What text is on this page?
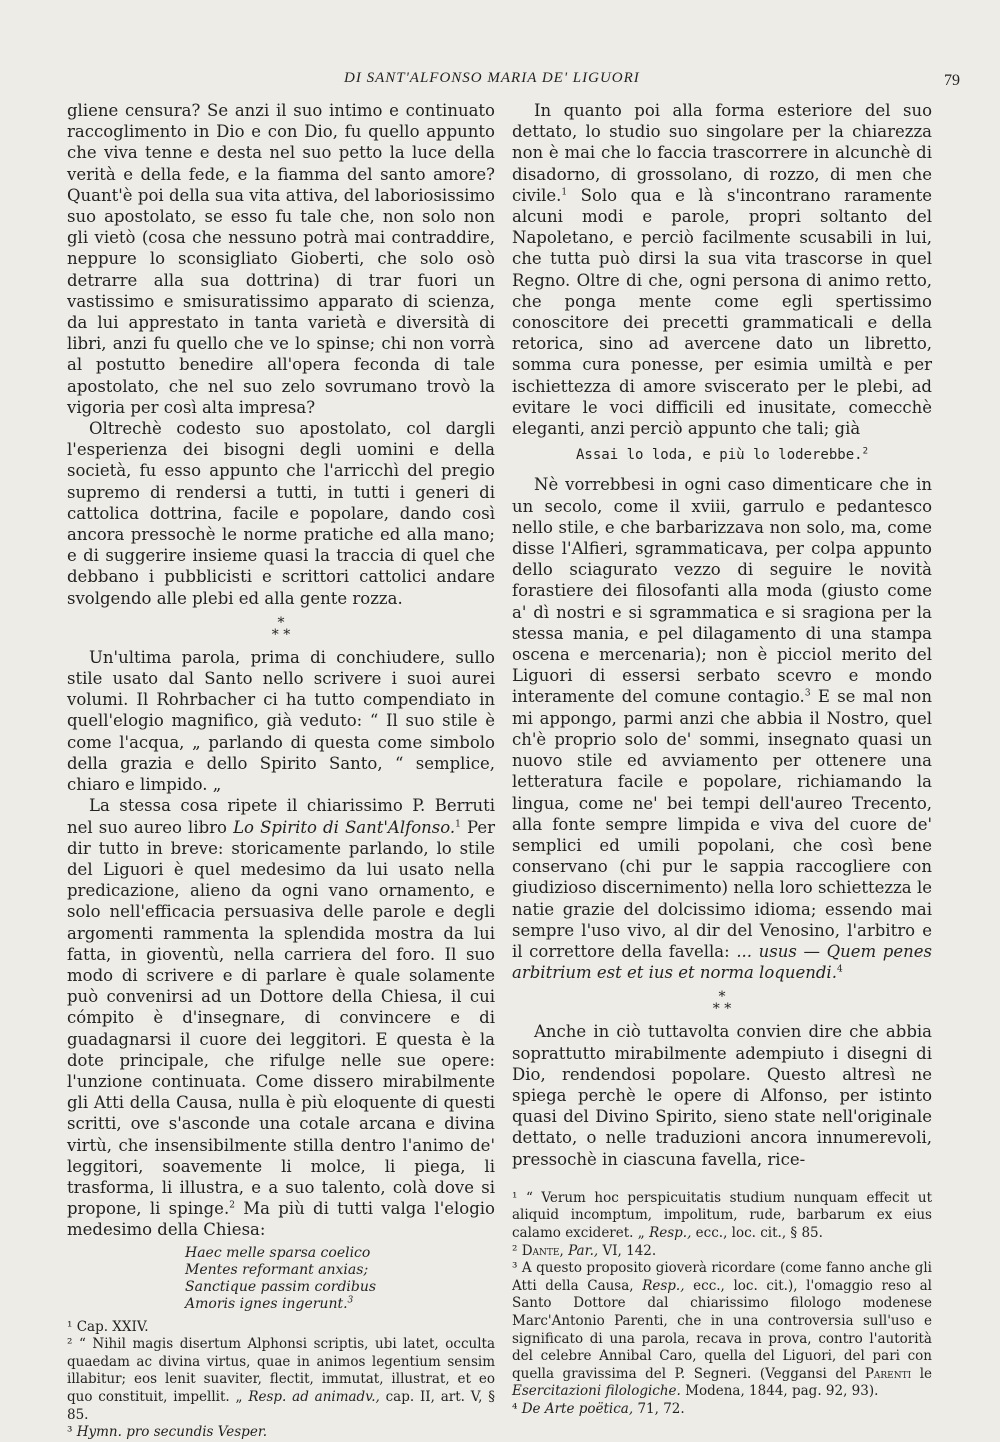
DI SANT'ALFONSO MARIA DE' LIGUORI	79

gliene censura? Se anzi il suo intimo e continuato raccoglimento in Dio e con Dio, fu quello appunto che viva tenne e desta nel suo petto la luce della verità e della fede, e la fiamma del santo amore? Quant'è poi della sua vita attiva, del laboriosissimo suo apostolato, se esso fu tale che, non solo non gli vietò (cosa che nessuno potrà mai contraddire, neppure lo sconsigliato Gioberti, che solo osò detrarre alla sua dottrina) di trar fuori un vastissimo e smisuratissimo apparato di scienza, da lui apprestato in tanta varietà e diversità di libri, anzi fu quello che ve lo spinse; chi non vorrà al postutto benedire all'opera feconda di tale apostolato, che nel suo zelo sovrumano trovò la vigoria per così alta impresa?

Oltrechè codesto suo apostolato, col dargli l'esperienza dei bisogni degli uomini e della società, fu esso appunto che l'arricchì del pregio supremo di rendersi a tutti, in tutti i generi di cattolica dottrina, facile e popolare, dando così ancora pressochè le norme pratiche ed alla mano; e di suggerire insieme quasi la traccia di quel che debbano i pubblicisti e scrittori cattolici andare svolgendo alle plebi ed alla gente rozza.

*
* *

Un'ultima parola, prima di conchiudere, sullo stile usato dal Santo nello scrivere i suoi aurei volumi. Il Rohrbacher ci ha tutto compendiato in quell'elogio magnifico, già veduto: “ Il suo stile è come l'acqua, „ parlando di questa come simbolo della grazia e dello Spirito Santo, “ semplice, chiaro e limpido. „

La stessa cosa ripete il chiarissimo P. Berruti nel suo aureo libro Lo Spirito di Sant'Alfonso.$^1$ Per dir tutto in breve: storicamente parlando, lo stile del Liguori è quel medesimo da lui usato nella predicazione, alieno da ogni vano ornamento, e solo nell'efficacia persuasiva delle parole e degli argomenti rammenta la splendida mostra da lui fatta, in gioventù, nella carriera del foro. Il suo modo di scrivere e di parlare è quale solamente può convenirsi ad un Dottore della Chiesa, il cui cómpito è d'insegnare, di convincere e di guadagnarsi il cuore dei leggitori. E questa è la dote principale, che rifulge nelle sue opere: l'unzione continuata. Come dissero mirabilmente gli Atti della Causa, nulla è più eloquente di questi scritti, ove s'asconde una cotale arcana e divina virtù, che insensibilmente stilla dentro l'animo de' leggitori, soavemente li molce, li piega, li trasforma, li illustra, e a suo talento, colà dove si propone, li spinge.$^2$ Ma più di tutti valga l'elogio medesimo della Chiesa:

Haec melle sparsa coelico
Mentes reformant anxias;
Sanctique passim cordibus
Amoris ignes ingerunt.$^3$

¹ Cap. XXIV.

² “ Nihil magis disertum Alphonsi scriptis, ubi latet, occulta quaedam ac divina virtus, quae in animos legentium sensim illabitur; eos lenit suaviter, flectit, immutat, illustrat, et eo quo constituit, impellit. „ Resp. ad animadv., cap. II, art. V, § 85.

³ Hymn. pro secundis Vesper.

In quanto poi alla forma esteriore del suo dettato, lo studio suo singolare per la chiarezza non è mai che lo faccia trascorrere in alcunchè di disadorno, di grossolano, di rozzo, di men che civile.$^1$ Solo qua e là s'incontrano raramente alcuni modi e parole, propri soltanto del Napoletano, e perciò facilmente scusabili in lui, che tutta può dirsi la sua vita trascorse in quel Regno. Oltre di che, ogni persona di animo retto, che ponga mente come egli spertissimo conoscitore dei precetti grammaticali e della retorica, sino ad avercene dato un libretto, somma cura ponesse, per esimia umiltà e per ischiettezza di amore sviscerato per le plebi, ad evitare le voci difficili ed inusitate, comecchè eleganti, anzi perciò appunto che tali; già

Assai lo loda, e più lo loderebbe.$^2$

Nè vorrebbesi in ogni caso dimenticare che in un secolo, come il xviii, garrulo e pedantesco nello stile, e che barbarizzava non solo, ma, come disse l'Alfieri, sgrammaticava, per colpa appunto dello sciagurato vezzo di seguire le novità forastiere dei filosofanti alla moda (giusto come a' dì nostri e si sgrammatica e si sragiona per la stessa mania, e pel dilagamento di una stampa oscena e mercenaria); non è picciol merito del Liguori di essersi serbato scevro e mondo interamente del comune contagio.$^3$ E se mal non mi appongo, parmi anzi che abbia il Nostro, quel ch'è proprio solo de' sommi, insegnato quasi un nuovo stile ed avviamento per ottenere una letteratura facile e popolare, richiamando la lingua, come ne' bei tempi dell'aureo Trecento, alla fonte sempre limpida e viva del cuore de' semplici ed umili popolani, che così bene conservano (chi pur le sappia raccogliere con giudizioso discernimento) nella loro schiettezza le natie grazie del dolcissimo idioma; essendo mai sempre l'uso vivo, al dir del Venosino, l'arbitro e il correttore della favella: ... usus — Quem penes arbitrium est et ius et norma loquendi.$^4$

*
* *

Anche in ciò tuttavolta convien dire che abbia soprattutto mirabilmente adempiuto i disegni di Dio, rendendosi popolare. Questo altresì ne spiega perchè le opere di Alfonso, per istinto quasi del Divino Spirito, sieno state nell'originale dettato, o nelle traduzioni ancora innumerevoli, pressochè in ciascuna favella, rice-

¹ “ Verum hoc perspicuitatis studium nunquam effecit ut aliquid incomptum, impolitum, rude, barbarum ex eius calamo excideret. „ Resp., ecc., loc. cit., § 85.

² Dante, Par., VI, 142.

³ A questo proposito gioverà ricordare (come fanno anche gli Atti della Causa, Resp., ecc., loc. cit.), l'omaggio reso al Santo Dottore dal chiarissimo filologo modenese Marc'Antonio Parenti, che in una controversia sull'uso e significato di una parola, recava in prova, contro l'autorità del celebre Annibal Caro, quella del Liguori, del pari con quella gravissima del P. Segneri. (Veggansi del Parenti le Esercitazioni filologiche. Modena, 1844, pag. 92, 93).

⁴ De Arte poëtica, 71, 72.
